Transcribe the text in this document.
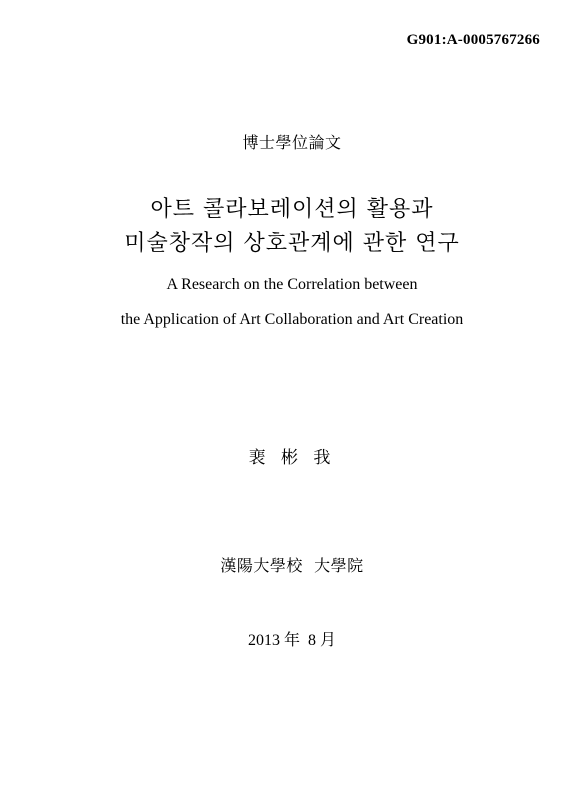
G901:A-0005767266
博士學位論文
아트 콜라보레이션의 활용과
미술창작의 상호관계에 관한 연구
A Research on the Correlation between
the Application of Art Collaboration and Art Creation
裵 彬 我
漢陽大學校  大學院
2013 年  8 月
